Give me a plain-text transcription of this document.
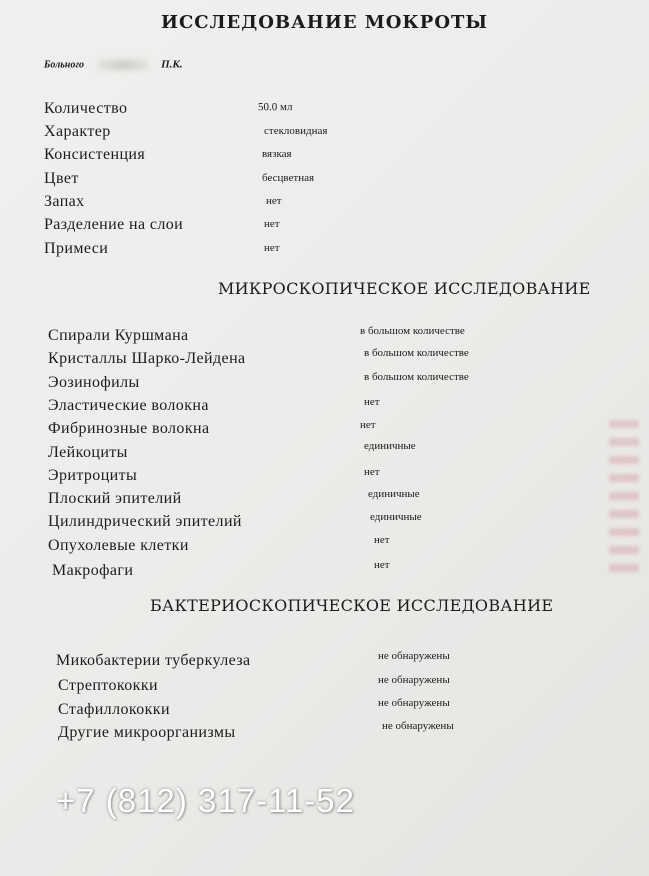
ИССЛЕДОВАНИЕ МОКРОТЫ
Больного	П.К.
Количество	50.0 мл
Характер	стекловидная
Консистенция	вязкая
Цвет	бесцветная
Запах	нет
Разделение на слои	нет
Примеси	нет
МИКРОСКОПИЧЕСКОЕ ИССЛЕДОВАНИЕ
Спирали Куршмана	в большом количестве
Кристаллы Шарко-Лейдена	в большом количестве
Эозинофилы	в большом количестве
Эластические волокна	нет
Фибринозные волокна	нет
Лейкоциты	единичные
Эритроциты	нет
Плоский эпителий	единичные
Цилиндрический эпителий	единичные
Опухолевые клетки	нет
Макрофаги	нет
БАКТЕРИОСКОПИЧЕСКОЕ ИССЛЕДОВАНИЕ
Микобактерии туберкулеза	не обнаружены
Стрептококки	не обнаружены
Стафиллококки	не обнаружены
Другие микроорганизмы	не обнаружены
+7 (812) 317-11-52
